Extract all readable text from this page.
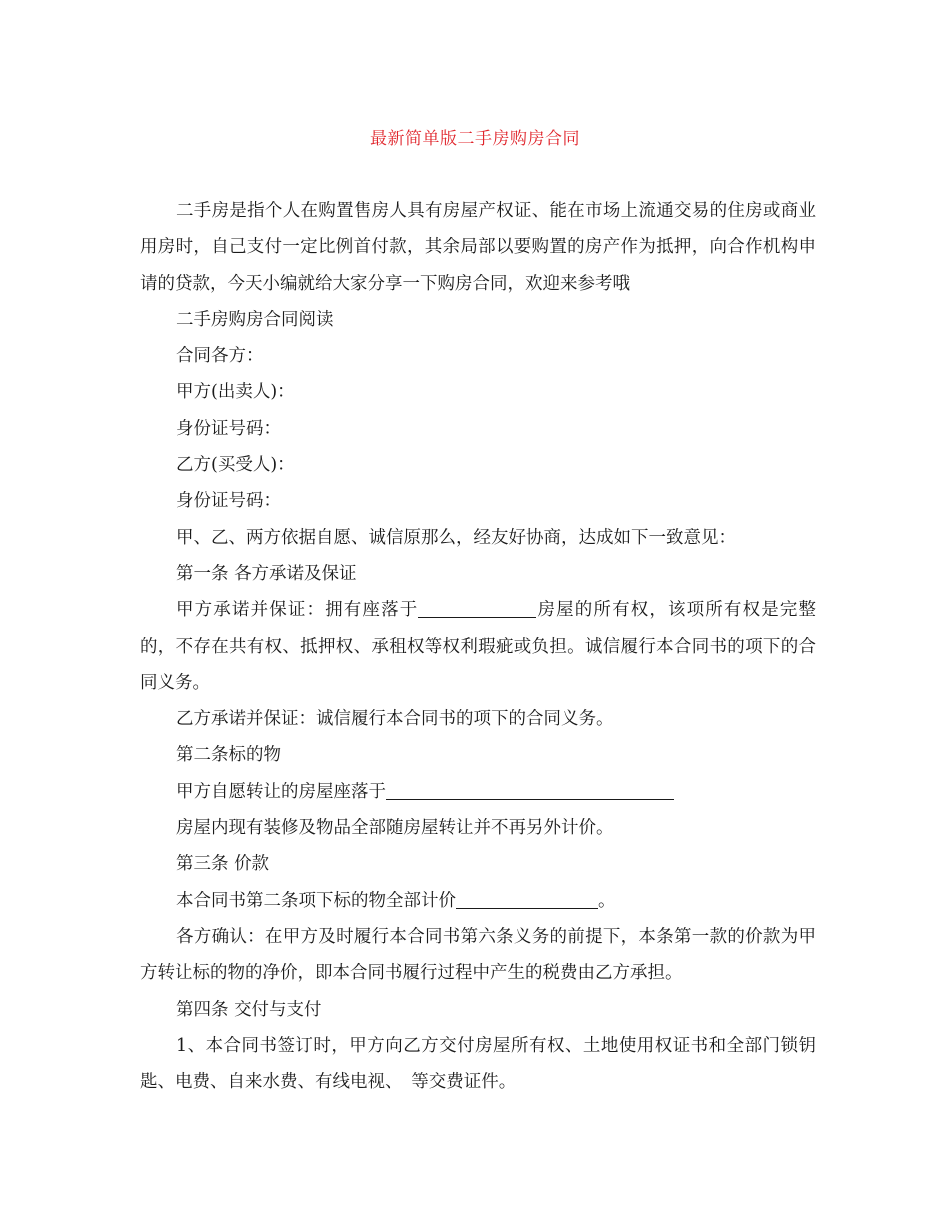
最新简单版二手房购房合同

二手房是指个人在购置售房人具有房屋产权证、能在市场上流通交易的住房或商业用房时，自己支付一定比例首付款，其余局部以要购置的房产作为抵押，向合作机构申请的贷款，今天小编就给大家分享一下购房合同，欢迎来参考哦

二手房购房合同阅读

合同各方：

甲方(出卖人)：

身份证号码：

乙方(买受人)：

身份证号码：

甲、乙、两方依据自愿、诚信原那么，经友好协商，达成如下一致意见：

第一条 各方承诺及保证

甲方承诺并保证：拥有座落于	房屋的所有权，该项所有权是完整的，不存在共有权、抵押权、承租权等权利瑕疵或负担。诚信履行本合同书的项下的合同义务。

乙方承诺并保证：诚信履行本合同书的项下的合同义务。

第二条标的物

甲方自愿转让的房屋座落于

房屋内现有装修及物品全部随房屋转让并不再另外计价。

第三条 价款

本合同书第二条项下标的物全部计价	。

各方确认：在甲方及时履行本合同书第六条义务的前提下，本条第一款的价款为甲方转让标的物的净价，即本合同书履行过程中产生的税费由乙方承担。

第四条 交付与支付

1、本合同书签订时，甲方向乙方交付房屋所有权、土地使用权证书和全部门锁钥匙、电费、自来水费、有线电视、　等交费证件。
